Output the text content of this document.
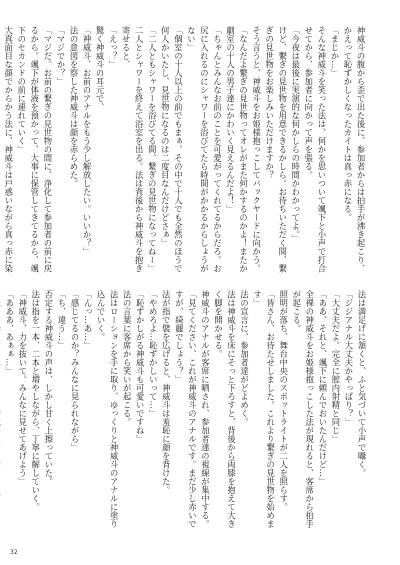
神威斗の腹から歪で出た後に、参加者からは拍手が沸き起こり、かえって恥ずかしくなったカイトは真っ赤になる。
「まじか…」
そんな神威斗を笑った法は、何かを思いついて颯下と小声で打合せてから、参加者に向かって声を張る。
「今夜は最後に実演的な何かしらの時間かわかってよ。」
けど、繋ぎの見世物を用意できるかしら。お待ちいただく間、繋ぎの見世物をお楽しみいただけますか？
そう言うと、神威斗をお姫様抱っこしてバックヤードに向かう。
「なんだよ繋ぎの見世物ってオレがまた何かするのかよ！またか劇室の十人の男子達にかわいく見えるんだよ！」
「ちゃんとみんなお前のことを可愛がってくれてるからだろ。お尻に入れるのにシャワーを浴びてたら時間がかかるからしょうがない」
「個室の十人以上の前でもまぁ、その中で十人でも全然のほうで何人かいたし、見世物になるのは二度目なんだけどさぁ」
「二人ともシャワーを浴びてる間、繋ぎの見世物になってねー」
二人とシャワーを終えて浴室を出る。法は背後から神威斗を抱き寄せると、
「えっ？」
驚く神威斗の耳元で、
「神威斗、お前のアナルをもう少し解放したい。いいか？」
法の意図を察した神威斗は顔を赤らめた。
「マジでか？」
「マジだ。お前の繋ぎの見世物の間に、浄化して参加者の前に戻るから。颯下が体液を預かって、大事に保管してきてるから、颯下のセカンドの前に連れていく」
大真面目な顔でからかう法に、神威斗は戸惑いながら真っ赤に染

法は満足げに頷くと、ふと気づいて小声で囁く。
「ジジアナル大丈夫かやっぱり？」
「大丈夫だよ。完全に膣内射精と同じ」
「ああ、それと、颯下に頼んでおいたんだけど…」
全裸の神威斗をお姫様抱っこした法が現れると、客席から拍手が起こる。
照明が落ち、舞台中央のスポットライトが二人を照らす。
「皆さん、お待たせしました。これより繋ぎの見世物を始めます」
法の宣言に、参加者達がどよめく。
法は神威斗を床にそっと下ろすと、背後から両膝を抱えて大きく脚を開かせる。
神威斗のアナルが客席に晒され、参加者達の視線が集中する。
「見てください、これが神威斗のアナルです。まだ少し赤いですが、綺麗でしょう？」
法が指で襞を広げると、神威斗は羞恥に顔を背けた。
「やめろよ…恥ずかしいって…」
「恥ずかしがる神威斗も可愛いですね」
法の言葉に客席から笑いが起こる。
法はローションを手に取り、ゆっくりと神威斗のアナルに塗り込んでいく。
「んっ…あ…」
「感じてるのか？みんなに見られながら」
「ち、違う…」
否定する神威斗の声は、しかし甘く上擦っていた。
法は指を一本、二本と増やしながら、丁寧に解していく。
「神威斗、力を抜いて。みんなに見せてあげよう」
「あああ、あぁぁ…」

32
